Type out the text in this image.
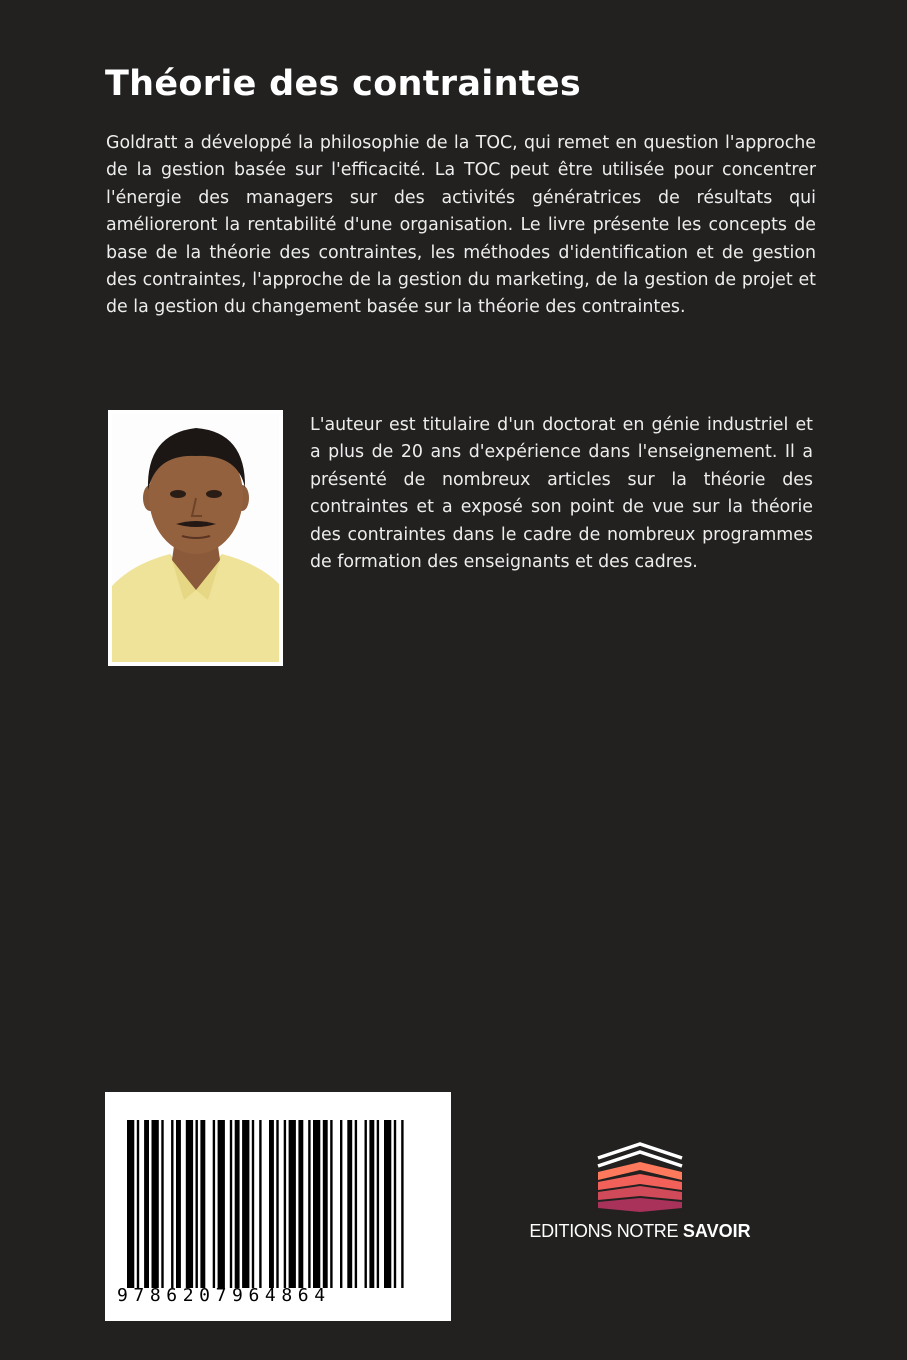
Théorie des contraintes

Goldratt a développé la philosophie de la TOC, qui remet en question l'approche de la gestion basée sur l'efficacité. La TOC peut être utilisée pour concentrer l'énergie des managers sur des activités génératrices de résultats qui amélioreront la rentabilité d'une organisation. Le livre présente les concepts de base de la théorie des contraintes, les méthodes d'identification et de gestion des contraintes, l'approche de la gestion du marketing, de la gestion de projet et de la gestion du changement basée sur la théorie des contraintes.

L'auteur est titulaire d'un doctorat en génie industriel et a plus de 20 ans d'expérience dans l'enseignement. Il a présenté de nombreux articles sur la théorie des contraintes et a exposé son point de vue sur la théorie des contraintes dans le cadre de nombreux programmes de formation des enseignants et des cadres.

9786207964864
EDITIONS NOTRE SAVOIR
